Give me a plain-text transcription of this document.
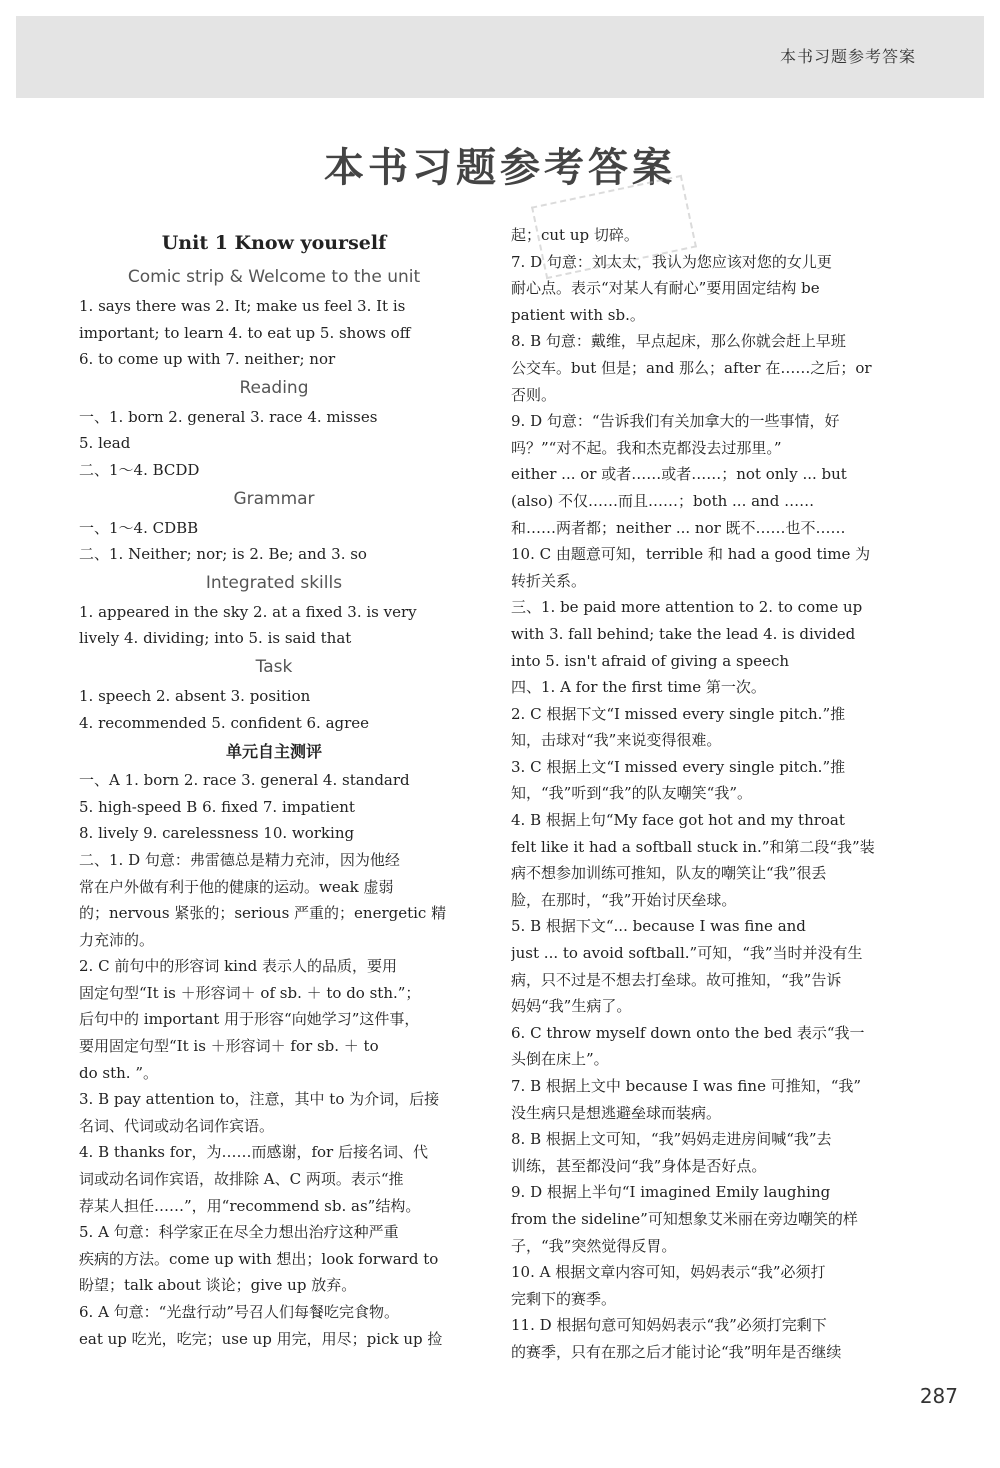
本书习题参考答案
本书习题参考答案
Unit 1 Know yourself
Comic strip & Welcome to the unit
1. says there was 2. It; make us feel 3. It is
important; to learn 4. to eat up 5. shows off
6. to come up with 7. neither; nor
Reading
一、1. born 2. general 3. race 4. misses
5. lead
二、1～4. BCDD
Grammar
一、1～4. CDBB
二、1. Neither; nor; is 2. Be; and 3. so
Integrated skills
1. appeared in the sky 2. at a fixed 3. is very
lively 4. dividing; into 5. is said that
Task
1. speech 2. absent 3. position
4. recommended 5. confident 6. agree
单元自主测评
一、A 1. born 2. race 3. general 4. standard
5. high-speed B 6. fixed 7. impatient
8. lively 9. carelessness 10. working
二、1. D 句意：弗雷德总是精力充沛，因为他经
常在户外做有利于他的健康的运动。weak 虚弱
的；nervous 紧张的；serious 严重的；energetic 精
力充沛的。
2. C 前句中的形容词 kind 表示人的品质，要用
固定句型“It is ＋形容词＋ of sb. ＋ to do sth.”；
后句中的 important 用于形容“向她学习”这件事，
要用固定句型“It is ＋形容词＋ for sb. ＋ to
do sth. ”。
3. B pay attention to，注意，其中 to 为介词，后接
名词、代词或动名词作宾语。
4. B thanks for，为……而感谢，for 后接名词、代
词或动名词作宾语，故排除 A、C 两项。表示“推
荐某人担任……”，用“recommend sb. as”结构。
5. A 句意：科学家正在尽全力想出治疗这种严重
疾病的方法。come up with 想出；look forward to
盼望；talk about 谈论；give up 放弃。
6. A 句意：“光盘行动”号召人们每餐吃完食物。
eat up 吃光，吃完；use up 用完，用尽；pick up 捡
起；cut up 切碎。
7. D 句意：刘太太，我认为您应该对您的女儿更
耐心点。表示“对某人有耐心”要用固定结构 be
patient with sb.。
8. B 句意：戴维，早点起床，那么你就会赶上早班
公交车。but 但是；and 那么；after 在……之后；or
否则。
9. D 句意：“告诉我们有关加拿大的一些事情，好
吗？”“对不起。我和杰克都没去过那里。”
either ... or 或者……或者……；not only ... but
(also) 不仅……而且……；both ... and ……
和……两者都；neither ... nor 既不……也不……
10. C 由题意可知，terrible 和 had a good time 为
转折关系。
三、1. be paid more attention to 2. to come up
with 3. fall behind; take the lead 4. is divided
into 5. isn't afraid of giving a speech
四、1. A for the first time 第一次。
2. C 根据下文“I missed every single pitch.”推
知，击球对“我”来说变得很难。
3. C 根据上文“I missed every single pitch.”推
知，“我”听到“我”的队友嘲笑“我”。
4. B 根据上句“My face got hot and my throat
felt like it had a softball stuck in.”和第二段“我”装
病不想参加训练可推知，队友的嘲笑让“我”很丢
脸，在那时，“我”开始讨厌垒球。
5. B 根据下文“... because I was fine and
just ... to avoid softball.”可知，“我”当时并没有生
病，只不过是不想去打垒球。故可推知，“我”告诉
妈妈“我”生病了。
6. C throw myself down onto the bed 表示“我一
头倒在床上”。
7. B 根据上文中 because I was fine 可推知，“我”
没生病只是想逃避垒球而装病。
8. B 根据上文可知，“我”妈妈走进房间喊“我”去
训练，甚至都没问“我”身体是否好点。
9. D 根据上半句“I imagined Emily laughing
from the sideline”可知想象艾米丽在旁边嘲笑的样
子，“我”突然觉得反胃。
10. A 根据文章内容可知，妈妈表示“我”必须打
完剩下的赛季。
11. D 根据句意可知妈妈表示“我”必须打完剩下
的赛季，只有在那之后才能讨论“我”明年是否继续
287
